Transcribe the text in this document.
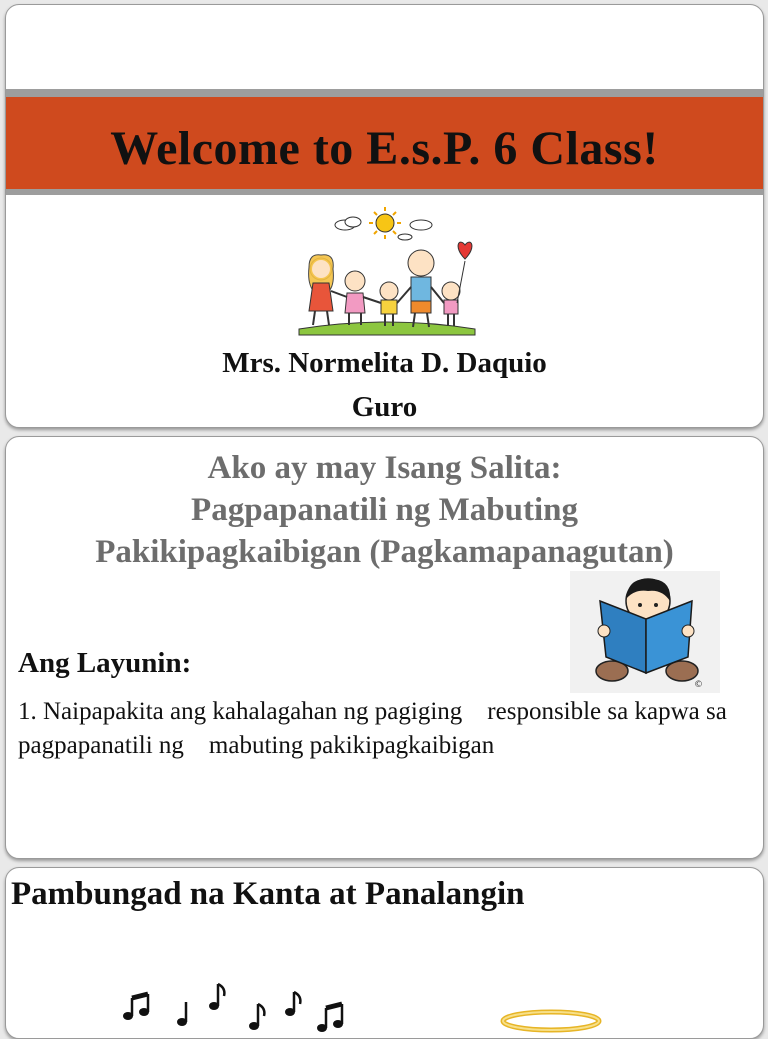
Welcome to E.s.P. 6 Class!
Mrs. Normelita D. Daquio
Guro
Ako ay may Isang Salita:
Pagpapanatili ng Mabuting
Pakikipagkaibigan (Pagkamapanagutan)
©
Ang Layunin:
1. Naipapakita ang kahalagahan ng pagiging    responsible sa kapwa sa pagpapanatili ng    mabuting pakikipagkaibigan
Pambungad na Kanta at Panalangin
